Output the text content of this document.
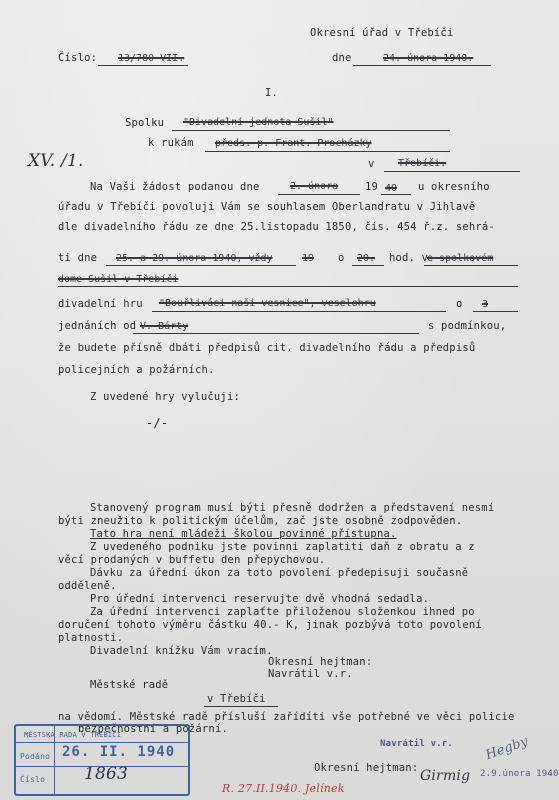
Okresní úřad v Třebíči
Číslo: 13/780-VII.	dne	24. února 1940.
I.
Spolku "Divadelní jednota Sušil"
k rukám předs. p. Frant. Procházky
v Třebíči.
XV. /1.
Na Vaši žádost podanou dne	2. února	19 40 u okresního
úřadu v Třebíči povoluji Vám se souhlasem Oberlandratu v Jihlavě
dle divadelního řádu ze dne 25.listopadu 1850, čís. 454 ř.z. sehrá-
ti dne 25. a 29. února 1940, vždy	19 o 20. hod. v
e spolkovém
dome Sušil v Třebíči
divadelní hru "Bouřliváci naši vesnice", veselohru	o 3
jednáních od V. Bárty	s podmínkou,
že budete přísně dbáti předpisů cit. divadelního řádu a předpisů
policejních a požárních.
Z uvedené hry vylučuji:
-/-
Stanovený program musí býti přesně dodržen a představení nesmí
býti zneužito k politickým účelům, zač jste osobně zodpověden.
Tato hra není mládeži školou povinné přístupna.
Z uvedeného podniku jste povinni zaplatiti daň z obratu a z
věcí prodaných v buffetu den přepychovou.
Dávku za úřední úkon za toto povolení předepisuji současně
odděleně.
Pro úřední intervenci reservujte dvě vhodná sedadla.
Za úřední intervenci zaplaťte přiloženou složenkou ihned po
doručení tohoto výměru částku 40.- K, jinak pozbývá toto povolení
platnosti.
Divadelní knížku Vám vracím.
Okresní hejtman:
Navrátil v.r.
Městské radě
v Třebíči
na vědomí. Městské radě přísluší zařídíti vše potřebné ve věci policie
bezpečnostní a požární.
Okresní hejtman:
Navrátil v.r.
Girmig
Hegby
2.9.února 1940
R. 27.II.1940. Jelínek
MĚSTSKÁ RADA V TŘEBÍČI
Podáno 26. II. 1940
Číslo 1863
